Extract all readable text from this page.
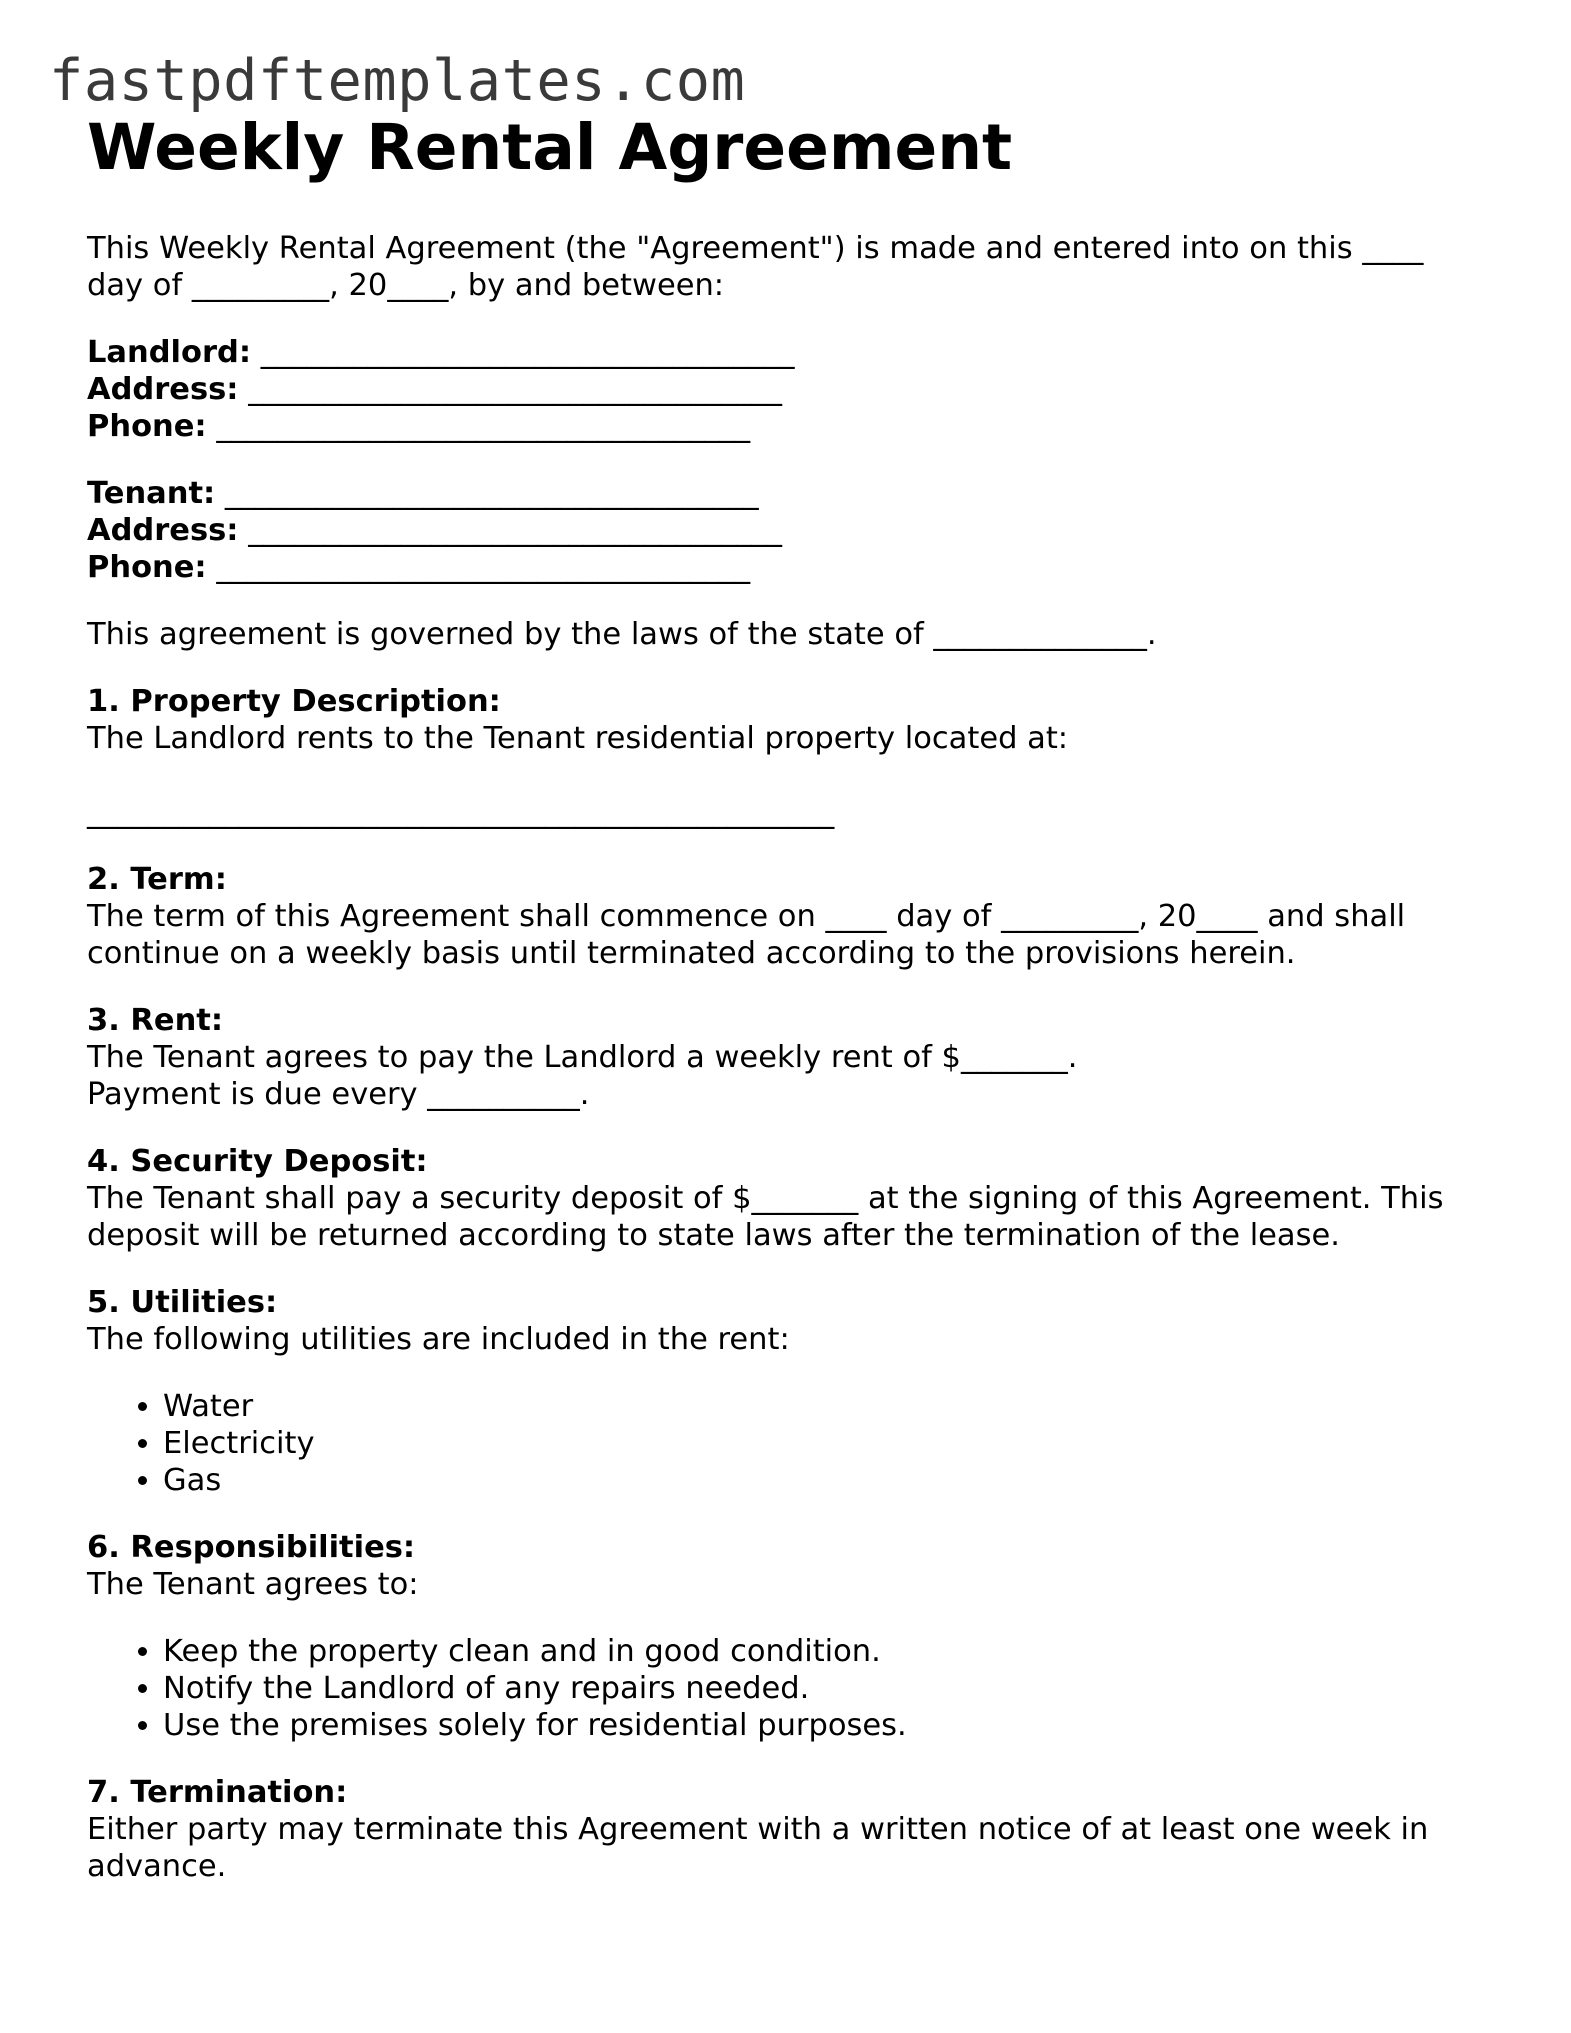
fastpdftemplates.com
Weekly Rental Agreement

This Weekly Rental Agreement (the "Agreement") is made and entered into on this ____
day of _________, 20____, by and between:

Landlord: ___________________________________
Address: ___________________________________
Phone: ___________________________________
Tenant: ___________________________________
Address: ___________________________________
Phone: ___________________________________

This agreement is governed by the laws of the state of ______________.

1. Property Description:
The Landlord rents to the Tenant residential property located at:

_________________________________________________

2. Term:
The term of this Agreement shall commence on ____ day of _________, 20____ and shall
continue on a weekly basis until terminated according to the provisions herein.

3. Rent:
The Tenant agrees to pay the Landlord a weekly rent of $_______.
Payment is due every __________.

4. Security Deposit:
The Tenant shall pay a security deposit of $_______ at the signing of this Agreement. This
deposit will be returned according to state laws after the termination of the lease.

5. Utilities:
The following utilities are included in the rent:

• Water
• Electricity
• Gas

6. Responsibilities:
The Tenant agrees to:

• Keep the property clean and in good condition.
• Notify the Landlord of any repairs needed.
• Use the premises solely for residential purposes.

7. Termination:
Either party may terminate this Agreement with a written notice of at least one week in
advance.
